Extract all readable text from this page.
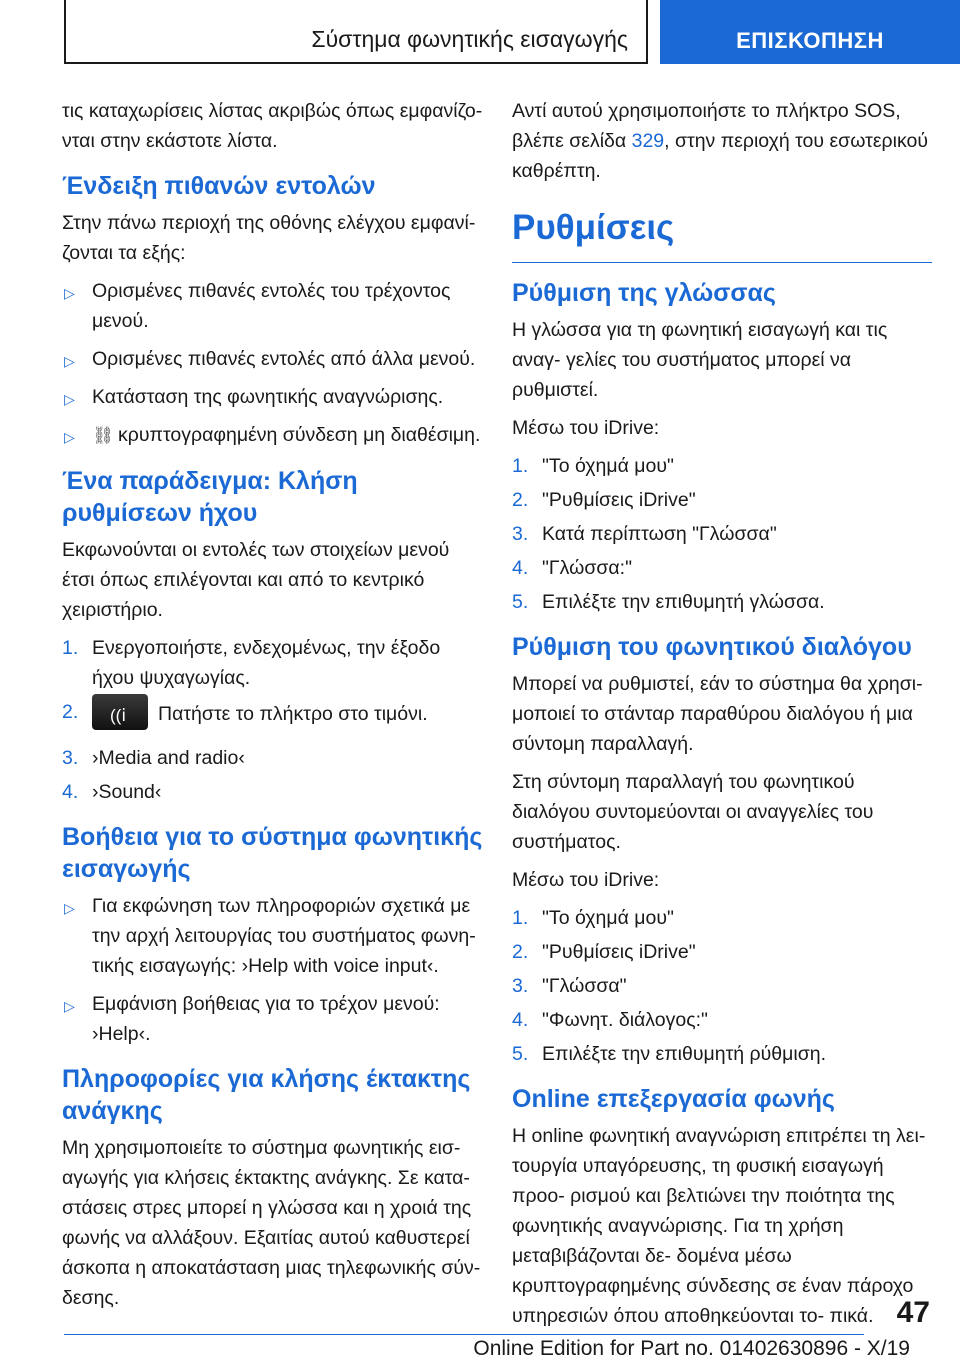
Σύστημα φωνητικής εισαγωγής	ΕΠΙΣΚΟΠΗΣΗ

τις καταχωρίσεις λίστας ακριβώς όπως εμφανίζο‐ νται στην εκάστοτε λίστα.

Ένδειξη πιθανών εντολών

Στην πάνω περιοχή της οθόνης ελέγχου εμφανί‐ ζονται τα εξής:

▷ Ορισμένες πιθανές εντολές του τρέχοντος μενού.
▷ Ορισμένες πιθανές εντολές από άλλα μενού.
▷ Κατάσταση της φωνητικής αναγνώρισης.
▷ ⛓ κρυπτογραφημένη σύνδεση μη διαθέσιμη.
Ένα παράδειγμα: Κλήση ρυθμίσεων ήχου

Εκφωνούνται οι εντολές των στοιχείων μενού έτσι όπως επιλέγονται και από το κεντρικό χειριστήριο.

1. Ενεργοποιήστε, ενδεχομένως, την έξοδο ήχου ψυχαγωγίας.
2. ((ⅰ Πατήστε το πλήκτρο στο τιμόνι.
3. ›Media and radio‹
4. ›Sound‹
Βοήθεια για το σύστημα φωνητικής εισαγωγής
▷ Για εκφώνηση των πληροφοριών σχετικά με την αρχή λειτουργίας του συστήματος φωνη‐ τικής εισαγωγής: ›Help with voice input‹.
▷ Εμφάνιση βοήθειας για το τρέχον μενού: ›Help‹.
Πληροφορίες για κλήσης έκτακτης ανάγκης

Μη χρησιμοποιείτε το σύστημα φωνητικής εισ‐ αγωγής για κλήσεις έκτακτης ανάγκης. Σε κατα‐ στάσεις στρες μπορεί η γλώσσα και η χροιά της φωνής να αλλάξουν. Εξαιτίας αυτού καθυστερεί άσκοπα η αποκατάσταση μιας τηλεφωνικής σύν‐ δεσης.

Αντί αυτού χρησιμοποιήστε το πλήκτρο SOS, βλέπε σελίδα 329, στην περιοχή του εσωτερικού καθρέπτη.

Ρυθμίσεις
Ρύθμιση της γλώσσας

Η γλώσσα για τη φωνητική εισαγωγή και τις αναγ‐ γελίες του συστήματος μπορεί να ρυθμιστεί.

Μέσω του iDrive:

1. "Το όχημά μου"
2. "Ρυθμίσεις iDrive"
3. Κατά περίπτωση "Γλώσσα"
4. "Γλώσσα:"
5. Επιλέξτε την επιθυμητή γλώσσα.
Ρύθμιση του φωνητικού διαλόγου

Μπορεί να ρυθμιστεί, εάν το σύστημα θα χρησι‐ μοποιεί το στάνταρ παραθύρου διαλόγου ή μια σύντομη παραλλαγή.

Στη σύντομη παραλλαγή του φωνητικού διαλόγου συντομεύονται οι αναγγελίες του συστήματος.

Μέσω του iDrive:

1. "Το όχημά μου"
2. "Ρυθμίσεις iDrive"
3. "Γλώσσα"
4. "Φωνητ. διάλογος:"
5. Επιλέξτε την επιθυμητή ρύθμιση.
Online επεξεργασία φωνής

Η online φωνητική αναγνώριση επιτρέπει τη λει‐ τουργία υπαγόρευσης, τη φυσική εισαγωγή προο‐ ρισμού και βελτιώνει την ποιότητα της φωνητικής αναγνώρισης. Για τη χρήση μεταβιβάζονται δε‐ δομένα μέσω κρυπτογραφημένης σύνδεσης σε έναν πάροχο υπηρεσιών όπου αποθηκεύονται το‐ πικά. 47
Online Edition for Part no. 01402630896 - X/19
